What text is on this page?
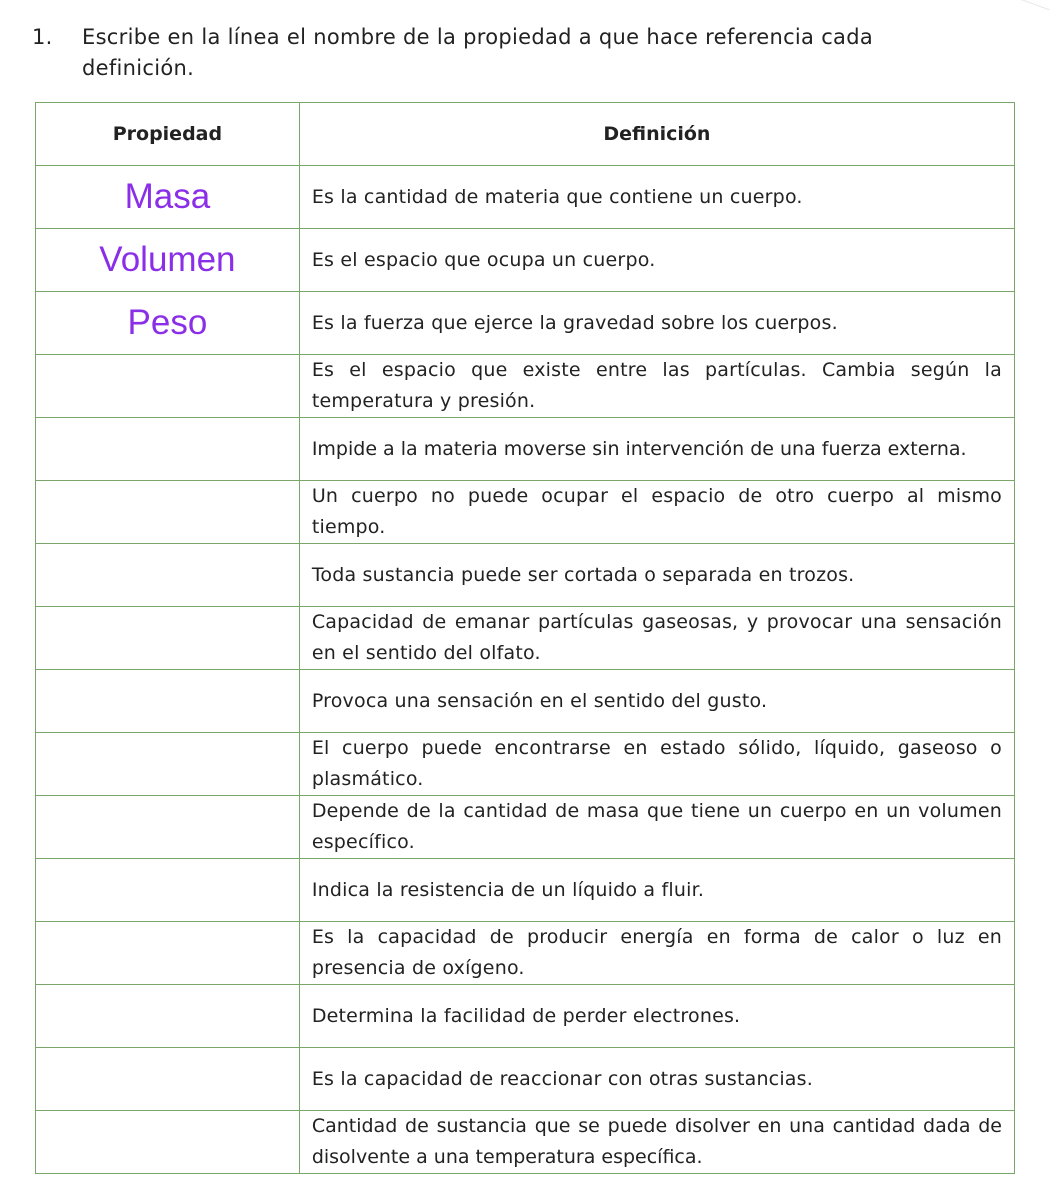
1. Escribe en la línea el nombre de la propiedad a que hace referencia cada
definición.
Propiedad	Definición
Masa	Es la cantidad de materia que contiene un cuerpo.
Volumen	Es el espacio que ocupa un cuerpo.
Peso	Es la fuerza que ejerce la gravedad sobre los cuerpos.
	Es el espacio que existe entre las partículas. Cambia según la temperatura y presión.
	Impide a la materia moverse sin intervención de una fuerza externa.
	Un cuerpo no puede ocupar el espacio de otro cuerpo al mismo tiempo.
	Toda sustancia puede ser cortada o separada en trozos.
	Capacidad de emanar partículas gaseosas, y provocar una sensación en el sentido del olfato.
	Provoca una sensación en el sentido del gusto.
	El cuerpo puede encontrarse en estado sólido, líquido, gaseoso o plasmático.
	Depende de la cantidad de masa que tiene un cuerpo en un volumen específico.
	Indica la resistencia de un líquido a fluir.
	Es la capacidad de producir energía en forma de calor o luz en presencia de oxígeno.
	Determina la facilidad de perder electrones.
	Es la capacidad de reaccionar con otras sustancias.
	Cantidad de sustancia que se puede disolver en una cantidad dada de disolvente a una temperatura específica.
